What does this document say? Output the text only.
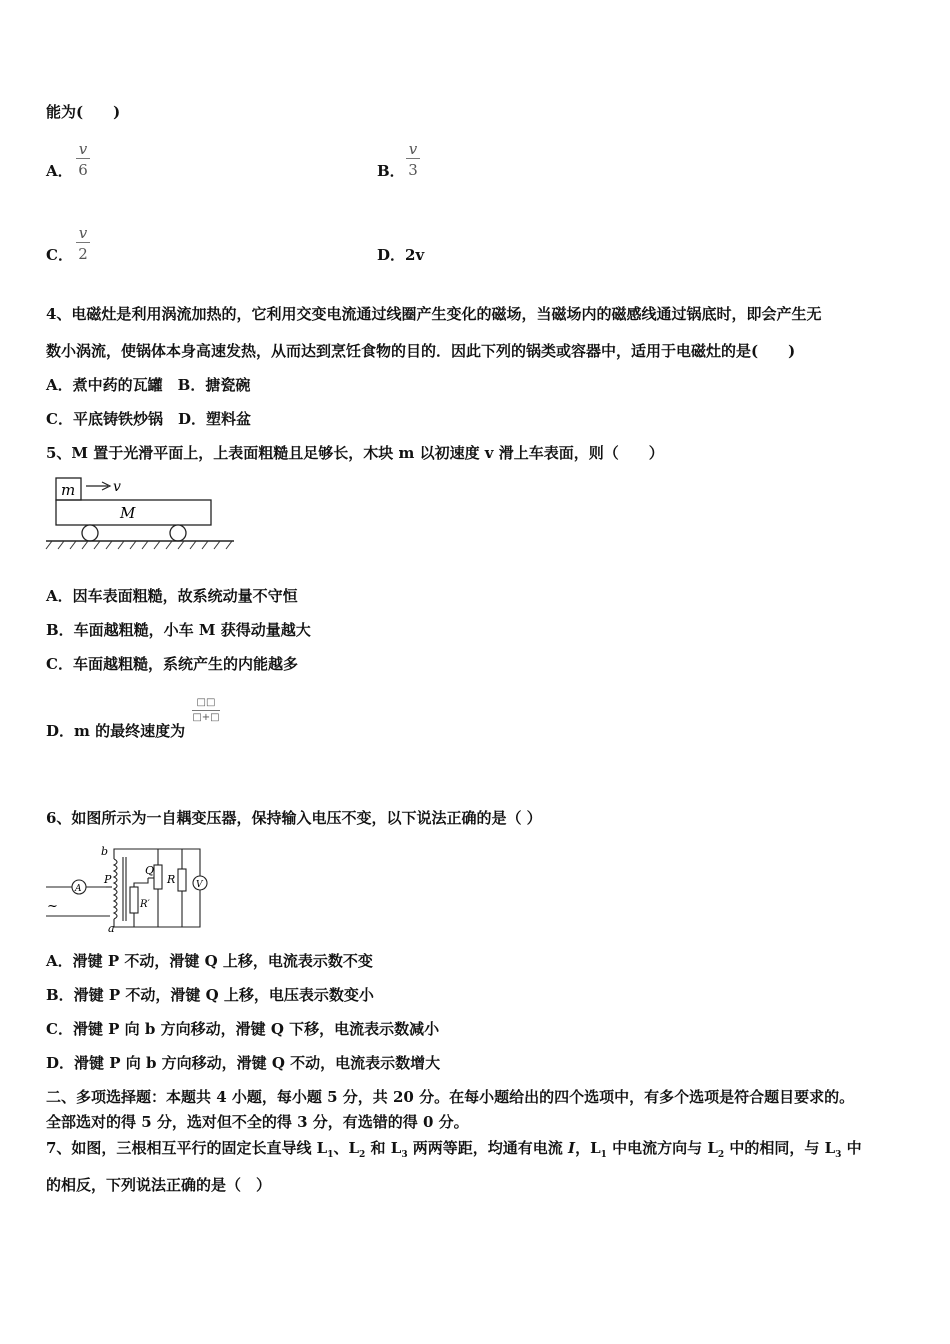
能为(　　)
A．
v
6	B．
v
3
C．
v
2	D．2v
4、电磁灶是利用涡流加热的，它利用交变电流通过线圈产生变化的磁场，当磁场内的磁感线通过锅底时，即会产生无
数小涡流，使锅体本身高速发热，从而达到烹饪食物的目的．因此下列的锅类或容器中，适用于电磁灶的是(　　)
A．煮中药的瓦罐　B．搪瓷碗
C．平底铸铁炒锅　D．塑料盆
5、M 置于光滑平面上，上表面粗糙且足够长，木块 m 以初速度 v 滑上车表面，则（　　）
m	v
M
A．因车表面粗糙，故系统动量不守恒
B．车面越粗糙，小车 M 获得动量越大
C．车面越粗糙，系统产生的内能越多
D．m 的最终速度为
□□
□+□
6、如图所示为一自耦变压器，保持输入电压不变，以下说法正确的是（ ）
b
a
A
~
P
Q
R′
R V
A．滑键 P 不动，滑键 Q 上移，电流表示数不变
B．滑键 P 不动，滑键 Q 上移，电压表示数变小
C．滑键 P 向 b 方向移动，滑键 Q 下移，电流表示数减小
D．滑键 P 向 b 方向移动，滑键 Q 不动，电流表示数增大
二、多项选择题：本题共 4 小题，每小题 5 分，共 20 分。在每小题给出的四个选项中，有多个选项是符合题目要求的。
全部选对的得 5 分，选对但不全的得 3 分，有选错的得 0 分。
7、如图，三根相互平行的固定长直导线 $L_1$、$L_2$ 和 $L_3$ 两两等距，均通有电流 I，$L_1$ 中电流方向与 $L_2$ 中的相同，与 $L_3$ 中
的相反，下列说法正确的是（　）
